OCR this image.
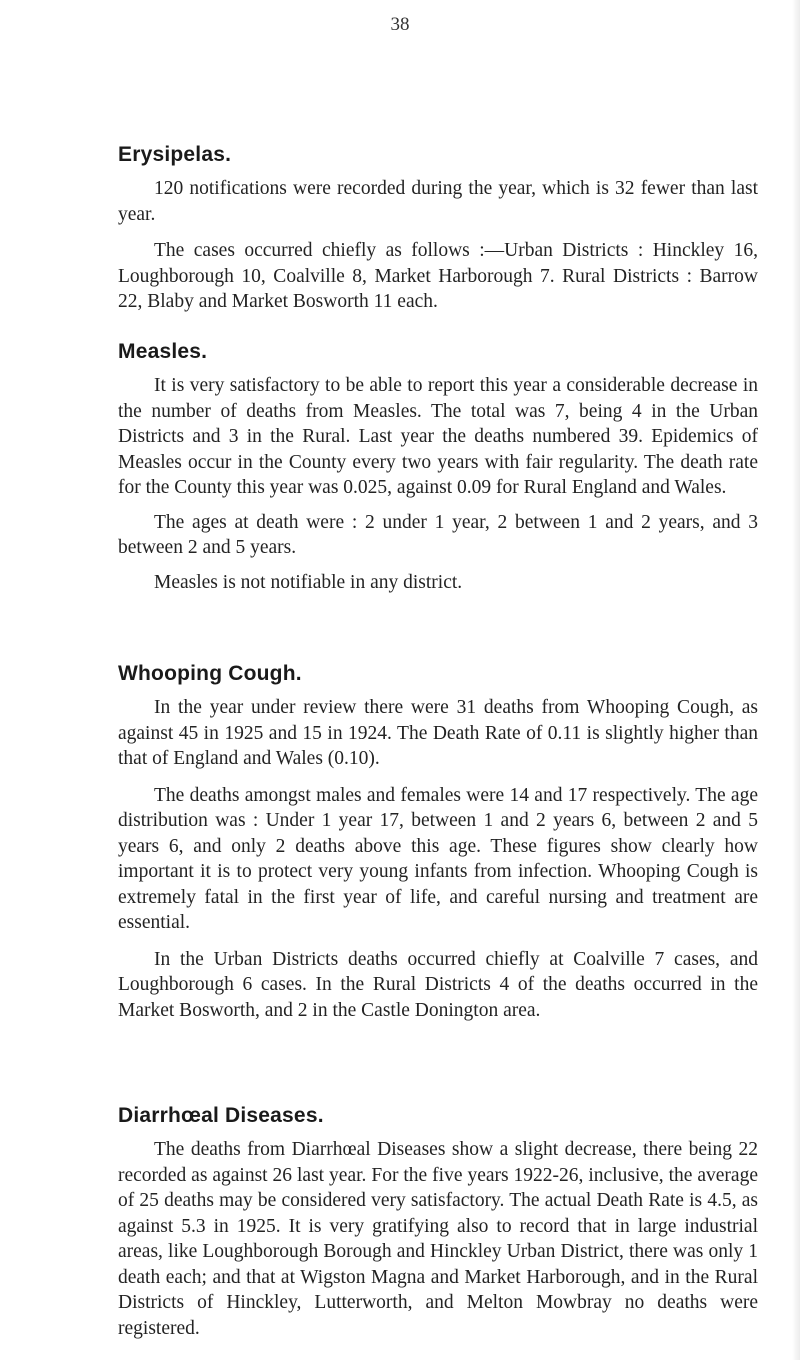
38
Erysipelas.

120 notifications were recorded during the year, which is 32 fewer than last year.

The cases occurred chiefly as follows :—Urban Districts : Hinckley 16, Loughborough 10, Coalville 8, Market Harborough 7. Rural Districts : Barrow 22, Blaby and Market Bosworth 11 each.

Measles.

It is very satisfactory to be able to report this year a considerable decrease in the number of deaths from Measles. The total was 7, being 4 in the Urban Districts and 3 in the Rural. Last year the deaths numbered 39. Epidemics of Measles occur in the County every two years with fair regularity. The death rate for the County this year was 0.025, against 0.09 for Rural England and Wales.

The ages at death were : 2 under 1 year, 2 between 1 and 2 years, and 3 between 2 and 5 years.

Measles is not notifiable in any district.

Whooping Cough.

In the year under review there were 31 deaths from Whooping Cough, as against 45 in 1925 and 15 in 1924. The Death Rate of 0.11 is slightly higher than that of England and Wales (0.10).

The deaths amongst males and females were 14 and 17 respectively. The age distribution was : Under 1 year 17, between 1 and 2 years 6, between 2 and 5 years 6, and only 2 deaths above this age. These figures show clearly how important it is to protect very young infants from infection. Whooping Cough is extremely fatal in the first year of life, and careful nursing and treatment are essential.

In the Urban Districts deaths occurred chiefly at Coalville 7 cases, and Loughborough 6 cases. In the Rural Districts 4 of the deaths occurred in the Market Bosworth, and 2 in the Castle Donington area.

Diarrhœal Diseases.

The deaths from Diarrhœal Diseases show a slight decrease, there being 22 recorded as against 26 last year. For the five years 1922-26, inclusive, the average of 25 deaths may be considered very satisfactory. The actual Death Rate is 4.5, as against 5.3 in 1925. It is very gratifying also to record that in large industrial areas, like Loughborough Borough and Hinckley Urban District, there was only 1 death each; and that at Wigston Magna and Market Harborough, and in the Rural Districts of Hinckley, Lutterworth, and Melton Mowbray no deaths were registered.
